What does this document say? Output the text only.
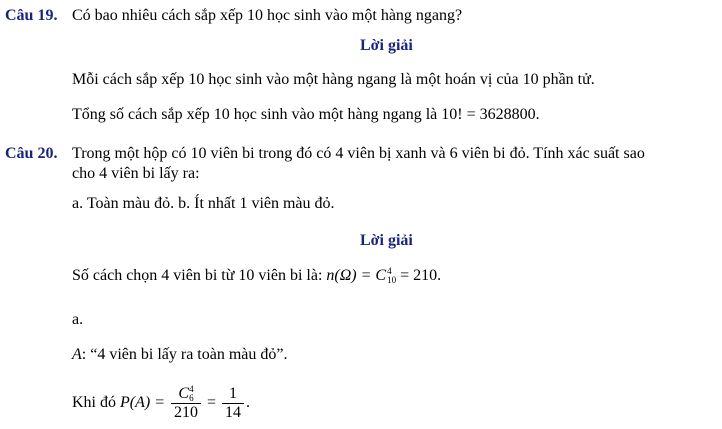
Câu 19. Có bao nhiêu cách sắp xếp 10 học sinh vào một hàng ngang?
Lời giải
Mỗi cách sắp xếp 10 học sinh vào một hàng ngang là một hoán vị của 10 phần tử.
Tổng số cách sắp xếp 10 học sinh vào một hàng ngang là 10! = 3628800.
Câu 20. Trong một hộp có 10 viên bi trong đó có 4 viên bị xanh và 6 viên bi đỏ. Tính xác suất sao
cho 4 viên bi lấy ra:
a. Toàn màu đỏ. b. Ít nhất 1 viên màu đỏ.
Lời giải
Số cách chọn 4 viên bi từ 10 viên bi là: n(Ω) = C 4
10 = 210.
a.
A: “4 viên bi lấy ra toàn màu đỏ”.
Khi đó P(A) = C 4
6
$210 = \frac{1}{14}$ .
